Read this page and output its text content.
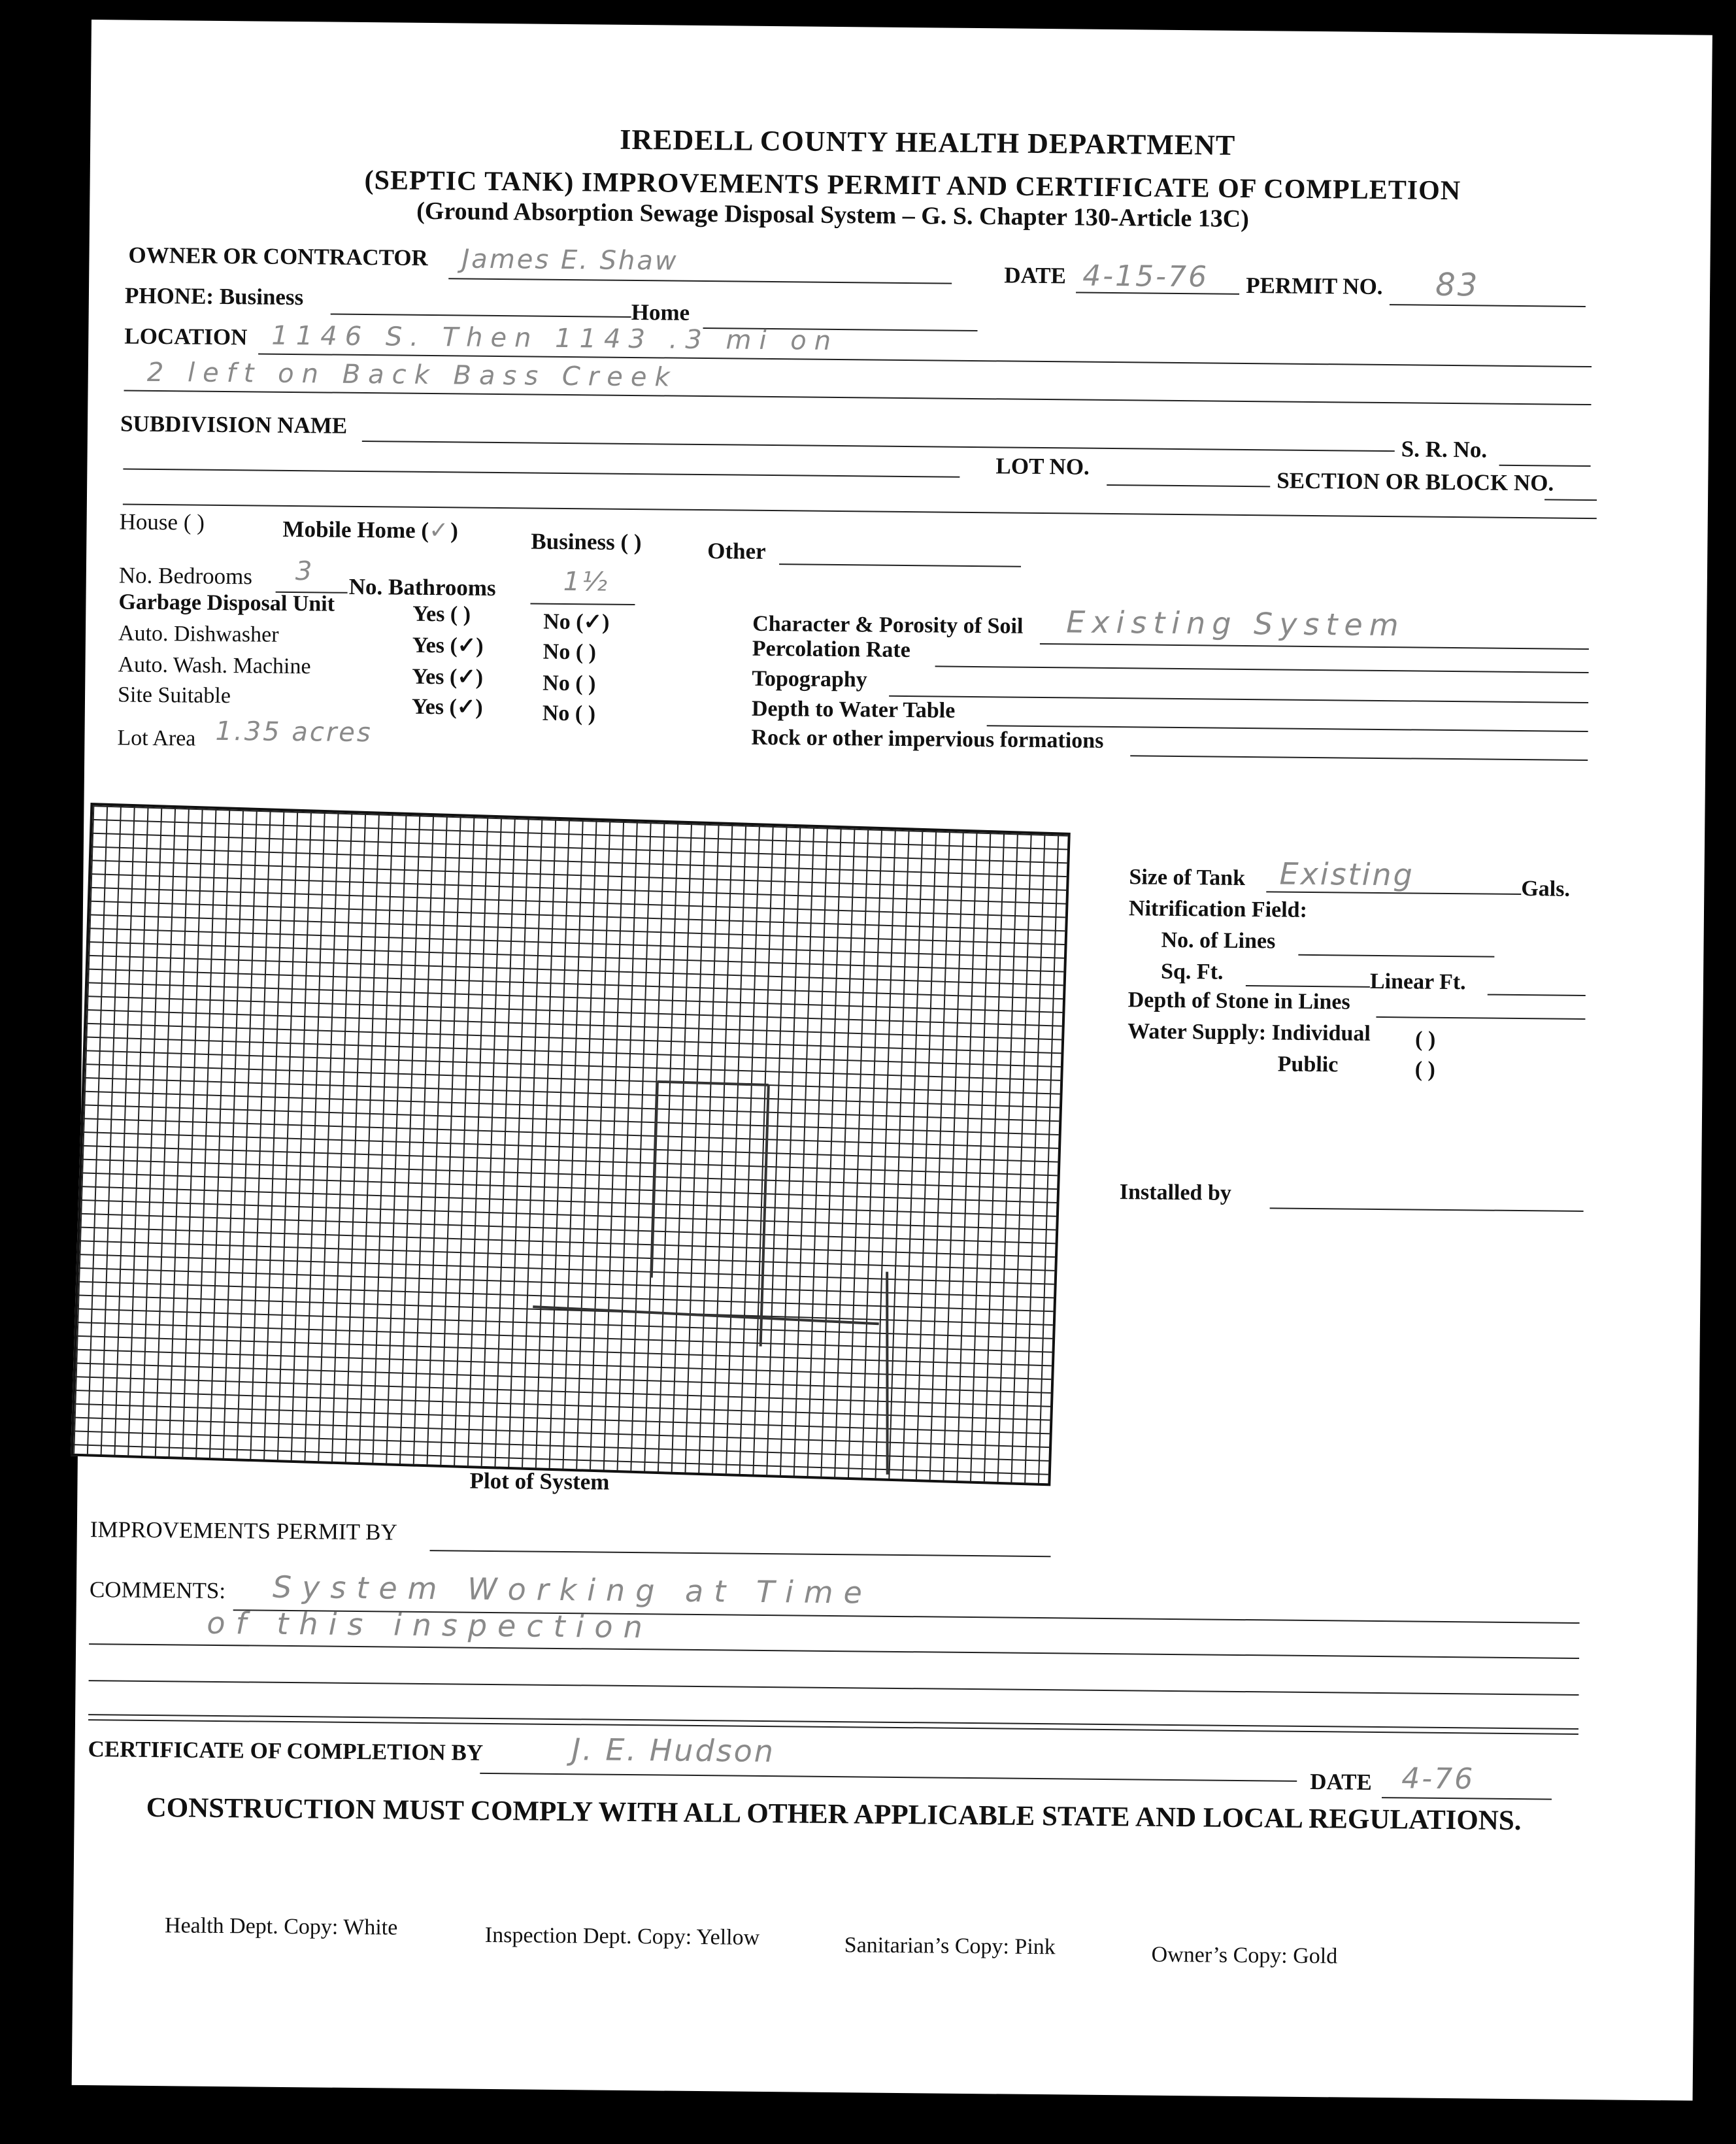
IREDELL COUNTY HEALTH DEPARTMENT
(SEPTIC TANK) IMPROVEMENTS PERMIT AND CERTIFICATE OF COMPLETION
(Ground Absorption Sewage Disposal System – G. S. Chapter 130-Article 13C)
OWNER OR CONTRACTOR James E. Shaw	DATE 4-15-76 PERMIT NO. 83
PHONE: Business
Home
LOCATION 1146 S. Then 1143 .3 mi on
2 left on Back Bass Creek
SUBDIVISION NAME
S. R. No.
LOT NO.
SECTION OR BLOCK NO.
House ( )	Mobile Home (✓)	Business ( )	Other
No. Bedrooms 3
No. Bathrooms	1½
Garbage Disposal Unit	Yes ( )	No (✓)
Auto. Dishwasher	Yes (✓)	No ( )
Auto. Wash. Machine	Yes (✓)	No ( )
Site Suitable	Yes (✓)	No ( )
Lot Area 1.35 acres
Character & Porosity of Soil Existing System
Percolation Rate
Topography
Depth to Water Table
Rock or other impervious formations
Plot of System
Size of Tank Existing	Gals.
Nitrification Field:
No. of Lines
Sq. Ft.	Linear Ft.
Depth of Stone in Lines
Water Supply: Individual ( )
Public	( )
Installed by
IMPROVEMENTS PERMIT BY
COMMENTS: System Working at Time
of this inspection
CERTIFICATE OF COMPLETION BY	J. E. Hudson
DATE 4-76
CONSTRUCTION MUST COMPLY WITH ALL OTHER APPLICABLE STATE AND LOCAL REGULATIONS.
Health Dept. Copy: White	Inspection Dept. Copy: Yellow	Sanitarian’s Copy: Pink	Owner’s Copy: Gold
